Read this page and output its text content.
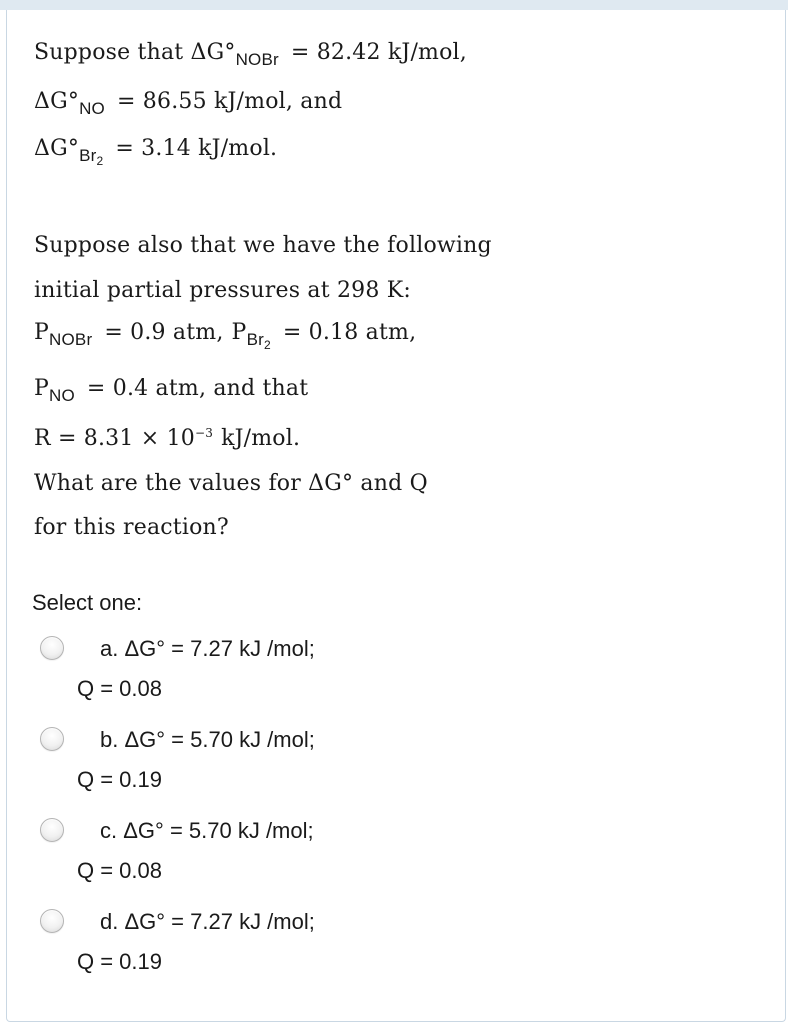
Suppose that $\Delta G^\circ_{NOBr} = 82.42$ kJ/mol,
$\Delta G^\circ_{NO} = 86.55$ kJ/mol, and
$\Delta G^\circ_{Br_2} = 3.14$ kJ/mol.
Suppose also that we have the following
initial partial pressures at 298 K:
$P_{NOBr} = 0.9$ atm, $P_{Br_2} = 0.18$ atm,
$P_{NO} = 0.4$ atm, and that
$R = 8.31 \times 10^{-3}$ kJ/mol.
What are the values for ΔG° and Q
for this reaction?
Select one:
a. ΔG° = 7.27 kJ /mol;
Q = 0.08
b. ΔG° = 5.70 kJ /mol;
Q = 0.19
c. ΔG° = 5.70 kJ /mol;
Q = 0.08
d. ΔG° = 7.27 kJ /mol;
Q = 0.19
